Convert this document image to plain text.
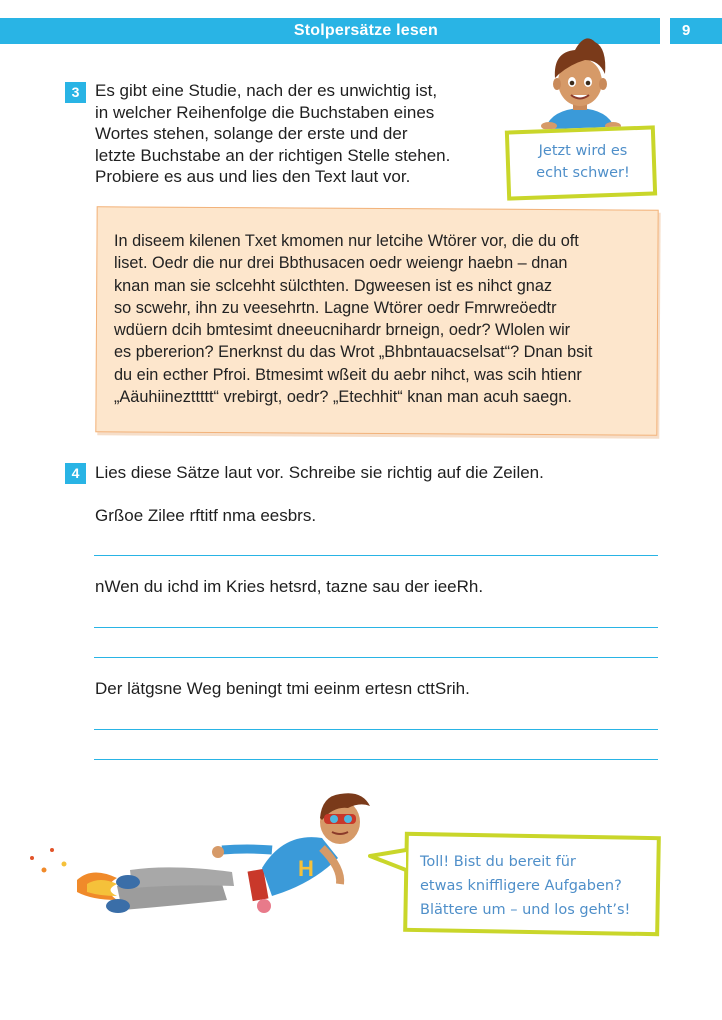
Stolpersätze lesen	9
3 Es gibt eine Studie, nach der es unwichtig ist,
in welcher Reihenfolge die Buchstaben eines
Wortes stehen, solange der erste und der
letzte Buchstabe an der richtigen Stelle stehen.
Probiere es aus und lies den Text laut vor.
Jetzt wird es
echt schwer!
In diseem kilenen Txet kmomen nur letcihe Wtörer vor, die du oft
liset. Oedr die nur drei Bbthusacen oedr weiengr haebn – dnan
knan man sie sclcehht sülcthten. Dgweesen ist es nihct gnaz
so scwehr, ihn zu veesehrtn. Lagne Wtörer oedr Fmrwreöedtr
wdüern dcih bmtesimt dneeucnihardr brneign, oedr? Wlolen wir
es pbererion? Enerknst du das Wrot „Bhbntauacselsat“? Dnan bsit
du ein ecther Pfroi. Btmesimt wßeit du aebr nihct, was scih htienr
„Aäuhiinezttttt“ vrebirgt, oedr? „Etechhit“ knan man acuh saegn.
4 Lies diese Sätze laut vor. Schreibe sie richtig auf die Zeilen.
Grßoe Zilee rftitf nma eesbrs.
nWen du ichd im Kries hetsrd, tazne sau der ieeRh.
Der lätgsne Weg beningt tmi eeinm ertesn cttSrih.
H	Toll! Bist du bereit für
etwas kniffligere Aufgaben?
Blättere um – und los geht’s!
